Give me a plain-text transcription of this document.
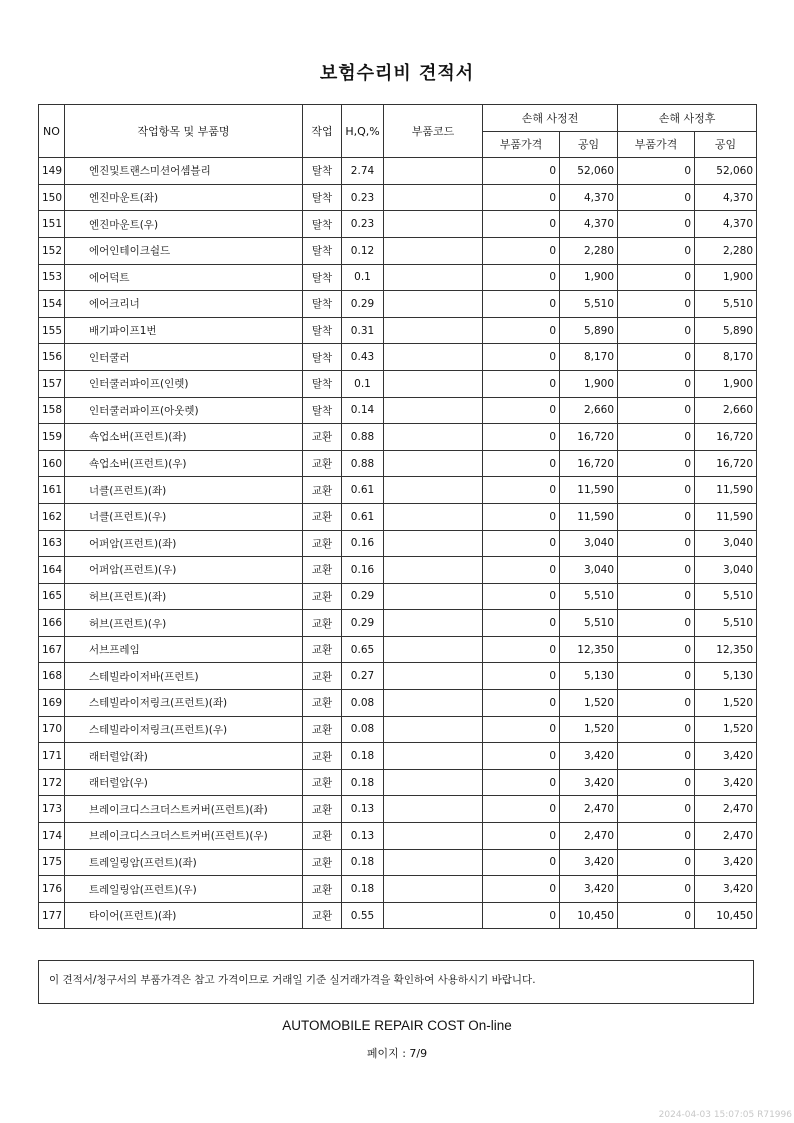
보험수리비 견적서
NO	작업항목 및 부품명	작업	H,Q,%	부품코드	손해 사정전		손해 사정후	
					부품가격	공임	부품가격	공임
149	엔진및트랜스미션어셈블리	탈착	2.74		0	52,060	0	52,060
150	엔진마운트(좌)	탈착	0.23		0	4,370	0	4,370
151	엔진마운트(우)	탈착	0.23		0	4,370	0	4,370
152	에어인테이크쉴드	탈착	0.12		0	2,280	0	2,280
153	에어덕트	탈착	0.1		0	1,900	0	1,900
154	에어크리너	탈착	0.29		0	5,510	0	5,510
155	배기파이프1번	탈착	0.31		0	5,890	0	5,890
156	인터쿨러	탈착	0.43		0	8,170	0	8,170
157	인터쿨러파이프(인렛)	탈착	0.1		0	1,900	0	1,900
158	인터쿨러파이프(아웃렛)	탈착	0.14		0	2,660	0	2,660
159	쇽업소버(프런트)(좌)	교환	0.88		0	16,720	0	16,720
160	쇽업소버(프런트)(우)	교환	0.88		0	16,720	0	16,720
161	너클(프런트)(좌)	교환	0.61		0	11,590	0	11,590
162	너클(프런트)(우)	교환	0.61		0	11,590	0	11,590
163	어퍼암(프런트)(좌)	교환	0.16		0	3,040	0	3,040
164	어퍼암(프런트)(우)	교환	0.16		0	3,040	0	3,040
165	허브(프런트)(좌)	교환	0.29		0	5,510	0	5,510
166	허브(프런트)(우)	교환	0.29		0	5,510	0	5,510
167	서브프레임	교환	0.65		0	12,350	0	12,350
168	스테빌라이저바(프런트)	교환	0.27		0	5,130	0	5,130
169	스테빌라이저링크(프런트)(좌)	교환	0.08		0	1,520	0	1,520
170	스테빌라이저링크(프런트)(우)	교환	0.08		0	1,520	0	1,520
171	래터럴암(좌)	교환	0.18		0	3,420	0	3,420
172	래터럴암(우)	교환	0.18		0	3,420	0	3,420
173	브레이크디스크더스트커버(프런트)(좌)	교환	0.13		0	2,470	0	2,470
174	브레이크디스크더스트커버(프런트)(우)	교환	0.13		0	2,470	0	2,470
175	트레일링암(프런트)(좌)	교환	0.18		0	3,420	0	3,420
176	트레일링암(프런트)(우)	교환	0.18		0	3,420	0	3,420
177	타이어(프런트)(좌)	교환	0.55		0	10,450	0	10,450
이 견적서/청구서의 부품가격은 참고 가격이므로 거래일 기준 실거래가격을 확인하여 사용하시기 바랍니다.
AUTOMOBILE REPAIR COST On-line
페이지 : 7/9
2024-04-03 15:07:05 R71996
